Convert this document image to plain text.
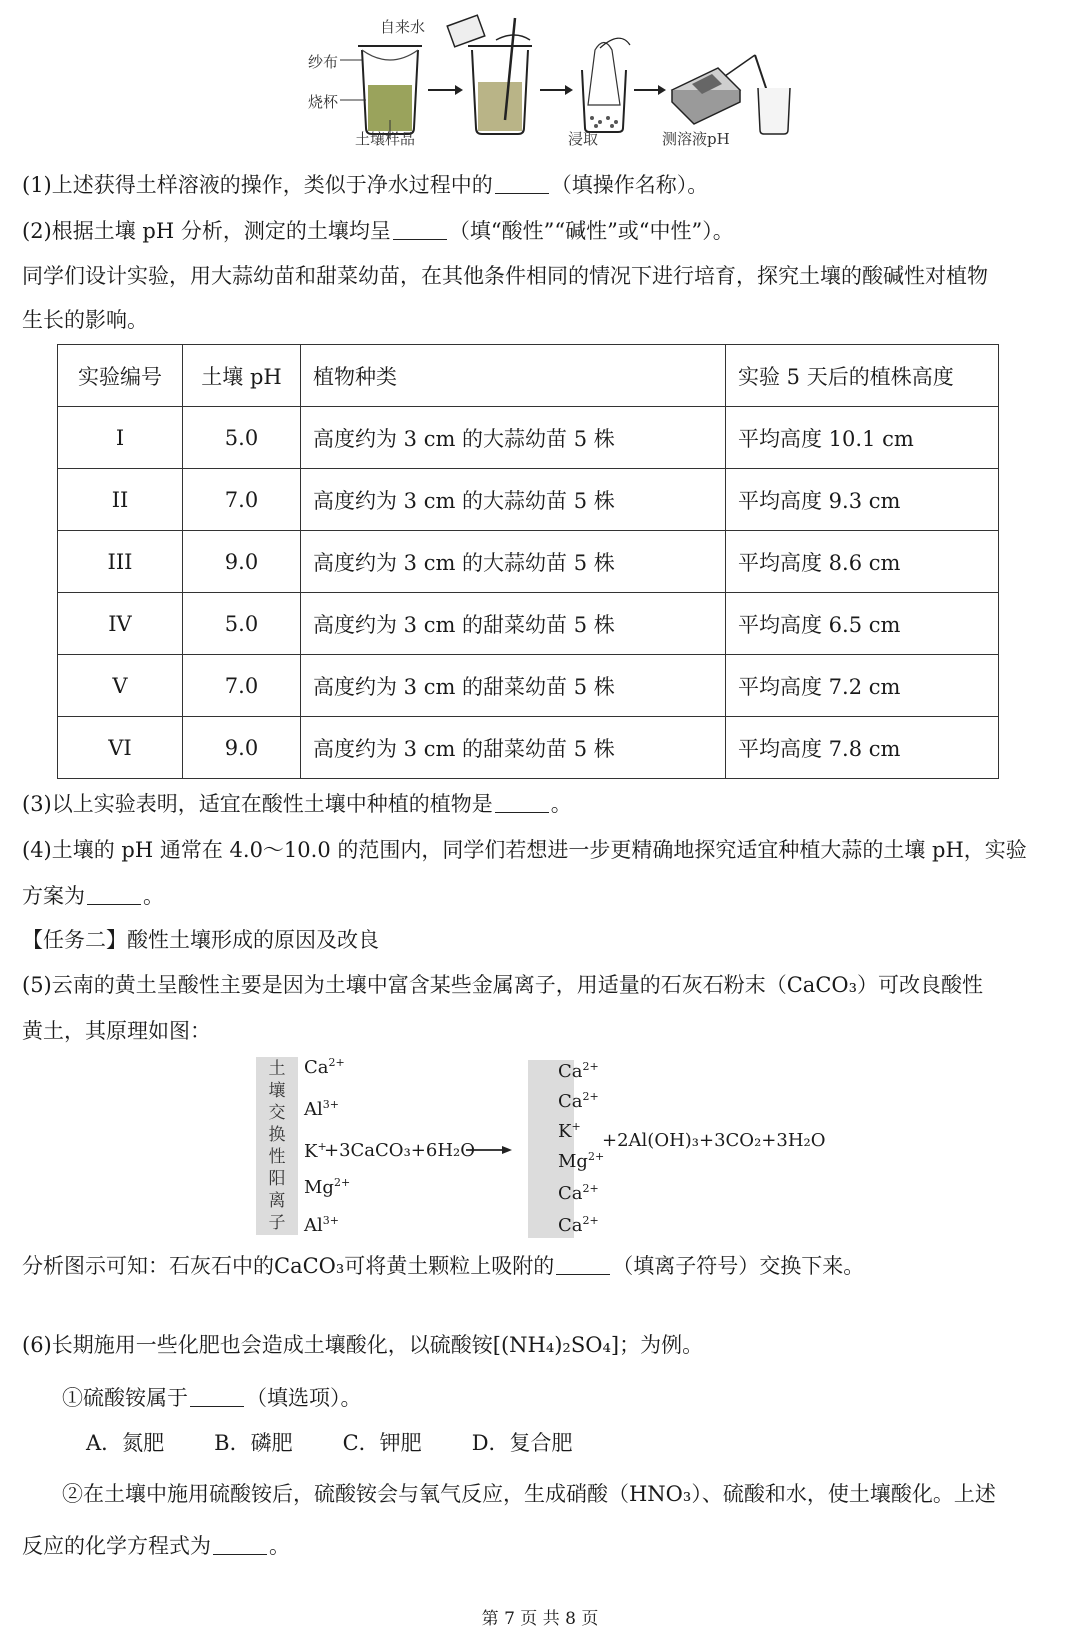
自来水
纱布
烧杯
土壤样品	浸取	测溶液pH
(1)上述获得土样溶液的操作，类似于净水过程中的	（填操作名称）。
(2)根据土壤 pH 分析，测定的土壤均呈	（填“酸性”“碱性”或“中性”）。
同学们设计实验，用大蒜幼苗和甜菜幼苗，在其他条件相同的情况下进行培育，探究土壤的酸碱性对植物
生长的影响。
实验编号	土壤 pH	植物种类	实验 5 天后的植株高度
I	5.0	高度约为 3 cm 的大蒜幼苗 5 株	平均高度 10.1 cm
II	7.0	高度约为 3 cm 的大蒜幼苗 5 株	平均高度 9.3 cm
III	9.0	高度约为 3 cm 的大蒜幼苗 5 株	平均高度 8.6 cm
IV	5.0	高度约为 3 cm 的甜菜幼苗 5 株	平均高度 6.5 cm
V	7.0	高度约为 3 cm 的甜菜幼苗 5 株	平均高度 7.2 cm
VI	9.0	高度约为 3 cm 的甜菜幼苗 5 株	平均高度 7.8 cm
(3)以上实验表明，适宜在酸性土壤中种植的植物是	。
(4)土壤的 pH 通常在 4.0～10.0 的范围内，同学们若想进一步更精确地探究适宜种植大蒜的土壤 pH，实验
方案为	。
【任务二】酸性土壤形成的原因及改良
(5)云南的黄土呈酸性主要是因为土壤中富含某些金属离子，用适量的石灰石粉末（CaCO₃）可改良酸性
黄土，其原理如图：
土壤交换性阳离子
$Ca^{2+}$
$Al^{3+}$
K+
+3CaCO₃+6H₂O
$Mg^{2+}$
$Al^{3+}$
$Ca^{2+}$
$Ca^{2+}$
K+
$Mg^{2+}$
$Ca^{2+}$
$Ca^{2+}$
+2Al(OH)₃+3CO₂+3H₂O
分析图示可知：石灰石中的CaCO₃可将黄土颗粒上吸附的	（填离子符号）交换下来。
(6)长期施用一些化肥也会造成土壤酸化，以硫酸铵[(NH₄)₂SO₄]；为例。
①硫酸铵属于	（填选项）。
A．氮肥 B．磷肥 C．钾肥 D．复合肥
②在土壤中施用硫酸铵后，硫酸铵会与氧气反应，生成硝酸（HNO₃）、硫酸和水，使土壤酸化。上述
反应的化学方程式为	。
第 7 页 共 8 页
